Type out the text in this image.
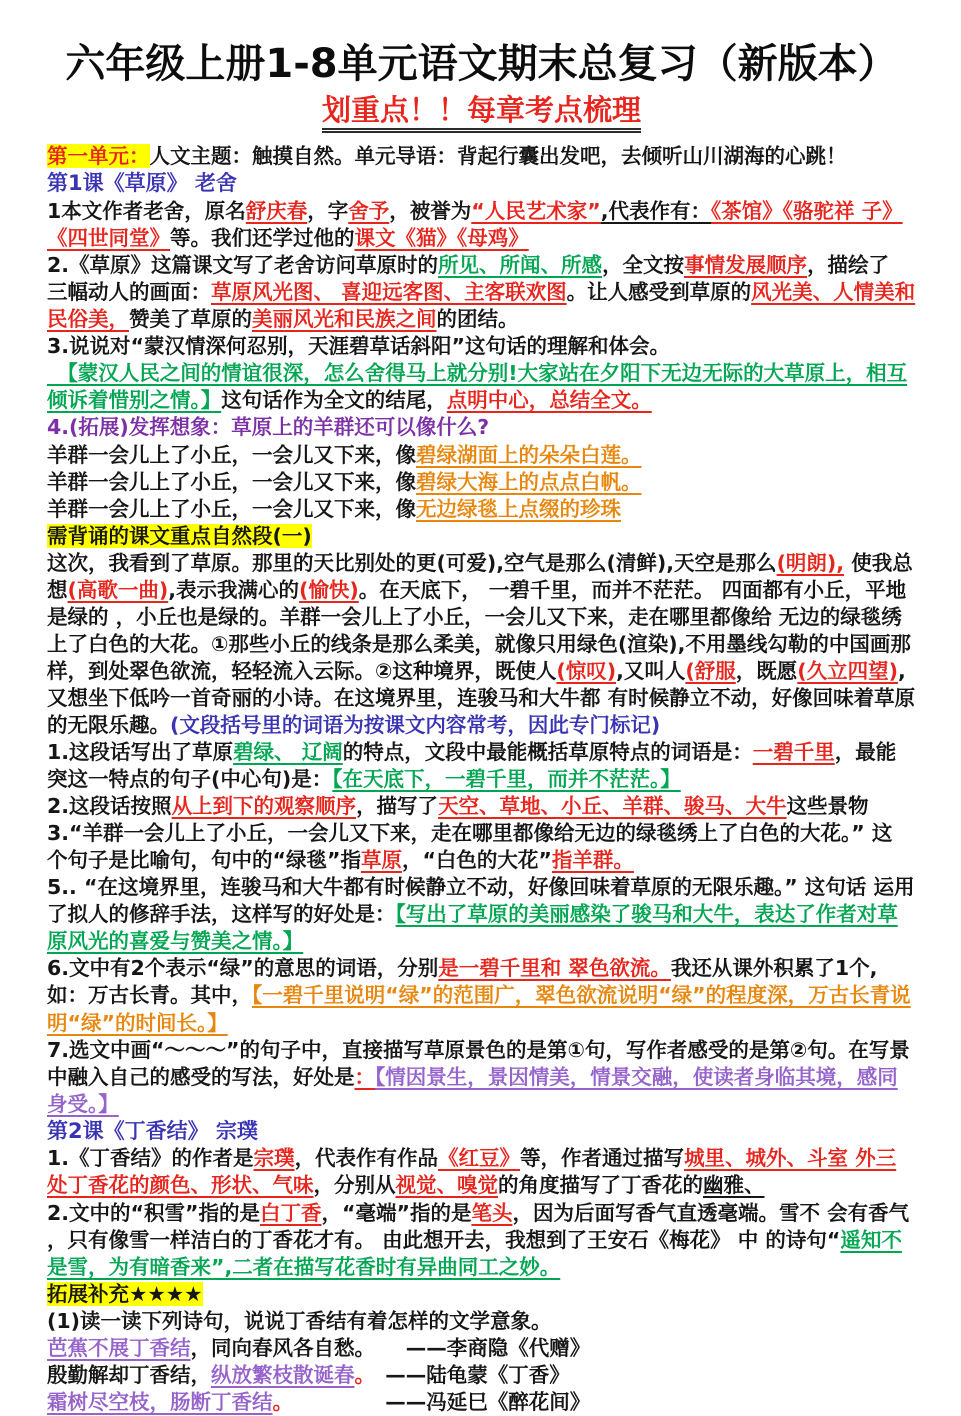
六年级上册1-8单元语文期末总复习（新版本）
划重点！！每章考点梳理

第一单元：人文主题：触摸自然。单元导语：背起行囊出发吧，去倾听山川湖海的心跳！

第1课《草原》 老舍

1本文作者老舍，原名舒庆春，字舍予，被誉为“人民艺术家”,代表作有：《茶馆》《骆驼祥 子》《四世同堂》等。我们还学过他的课文《猫》《母鸡》

2.《草原》这篇课文写了老舍访问草原时的所见、所闻、所感，全文按事情发展顺序，描绘了 三幅动人的画面：草原风光图、 喜迎远客图、主客联欢图。让人感受到草原的风光美、人情美和民俗美，赞美了草原的美丽风光和民族之间的团结。

3.说说对“蒙汉情深何忍别，天涯碧草话斜阳”这句话的理解和体会。

　【蒙汉人民之间的情谊很深，怎么舍得马上就分别!大家站在夕阳下无边无际的大草原上，相互倾诉着惜别之情。】这句话作为全文的结尾，点明中心，总结全文。

4.(拓展)发挥想象：草原上的羊群还可以像什么?

羊群一会儿上了小丘，一会儿又下来，像碧绿湖面上的朵朵白莲。

羊群一会儿上了小丘，一会儿又下来，像碧绿大海上的点点白帆。

羊群一会儿上了小丘，一会儿又下来，像无边绿毯上点缀的珍珠

需背诵的课文重点自然段(一)

这次，我看到了草原。那里的天比别处的更(可爱),空气是那么(清鲜),天空是那么(明朗), 使我总想(高歌一曲),表示我满心的(愉快)。在天底下， 一碧千里，而并不茫茫。 四面都有小丘，平地是绿的 ，小丘也是绿的。羊群一会儿上了小丘，一会儿又下来，走在哪里都像给 无边的绿毯绣上了白色的大花。①那些小丘的线条是那么柔美，就像只用绿色(渲染),不用墨线勾勒的中国画那样，到处翠色欲流，轻轻流入云际。②这种境界，既使人(惊叹),又叫人(舒服，既愿(久立四望),又想坐下低吟一首奇丽的小诗。在这境界里，连骏马和大牛都 有时候静立不动，好像回味着草原的无限乐趣。(文段括号里的词语为按课文内容常考，因此专门标记)

1.这段话写出了草原碧绿、 辽阔的特点，文段中最能概括草原特点的词语是：一碧千里，最能 突这一特点的句子(中心句)是：【在天底下，一碧千里，而并不茫茫。】

2.这段话按照从上到下的观察顺序，描写了天空、草地、小丘、羊群、骏马、大牛这些景物 3.“羊群一会儿上了小丘，一会儿又下来，走在哪里都像给无边的绿毯绣上了白色的大花。” 这 个句子是比喻句，句中的“绿毯”指草原，“白色的大花”指羊群。

5.. “在这境界里，连骏马和大牛都有时候静立不动，好像回味着草原的无限乐趣。” 这句话 运用了拟人的修辞手法，这样写的好处是：【写出了草原的美丽感染了骏马和大牛，表达了作者对草原风光的喜爱与赞美之情。】

6.文中有2个表示“绿”的意思的词语，分别是一碧千里和 翠色欲流。我还从课外积累了1个,如：万古长青。其中，【一碧千里说明“绿”的范围广，翠色欲流说明“绿”的程度深，万古长青说明“绿”的时间长。】

7.选文中画“～～～”的句子中，直接描写草原景色的是第①句，写作者感受的是第②句。在写景中融入自己的感受的写法，好处是：【情因景生，景因情美，情景交融，使读者身临其境，感同身受。】

第2课《丁香结》 宗璞

1.《丁香结》的作者是宗璞，代表作有作品《红豆》等，作者通过描写城里、城外、斗室 外三处丁香花的颜色、形状、气味，分别从视觉、嗅觉的角度描写了丁香花的幽雅、

2.文中的“积雪”指的是白丁香，“毫端”指的是笔头，因为后面写香气直透毫端。雪不 会有香气 ，只有像雪一样洁白的丁香花才有。 由此想开去，我想到了王安石《梅花》 中 的诗句“遥知不是雪，为有暗香来”,二者在描写花香时有异曲同工之妙。

拓展补充★★★★

(1)读一读下列诗句，说说丁香结有着怎样的文学意象。

芭蕉不展丁香结，同向春风各自愁。　　——李商隐《代赠》

殷勤解却丁香结，纵放繁枝散诞春。　——陆龟蒙《丁香》

霜树尽空枝，肠断丁香结。　　　　　——冯延巳《醉花间》
